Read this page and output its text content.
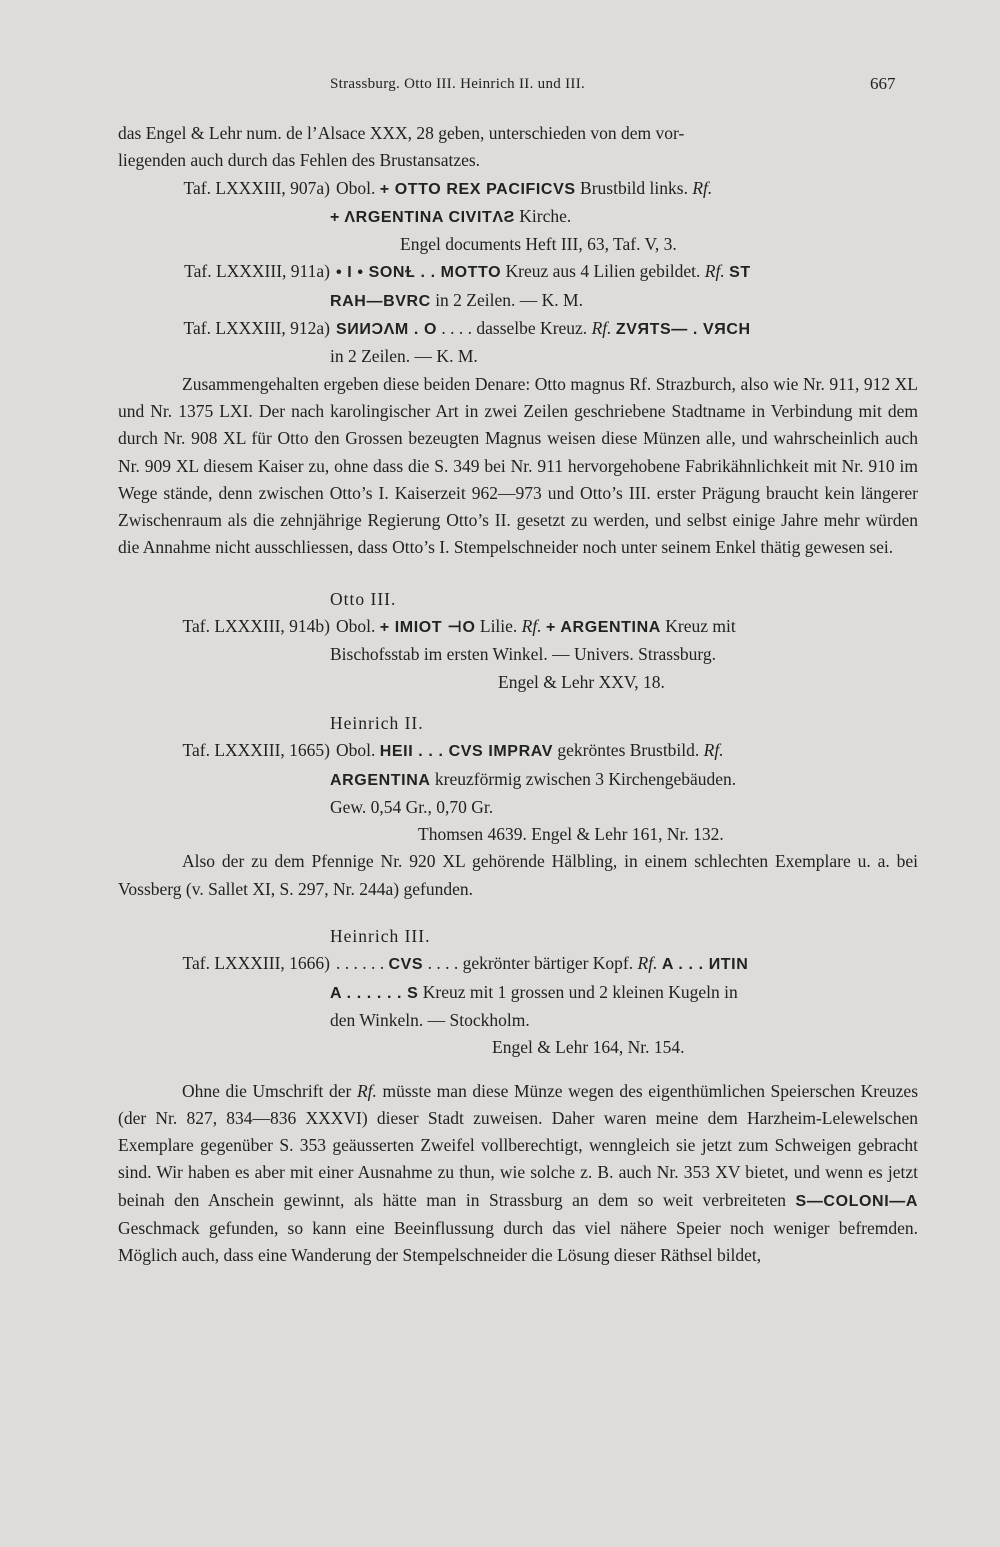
Strassburg. Otto III. Heinrich II. und III.	667

das Engel & Lehr num. de l’Alsace XXX, 28 geben, unterschieden von dem vor-
liegenden auch durch das Fehlen des Brustansatzes.

Taf. LXXXIII, 907a) Obol. + OTTO REX PACIFICVS Brustbild links. Rf.
+ ΛRGENTINA CIVITΛƧ Kirche.
Engel documents Heft III, 63, Taf. V, 3.
Taf. LXXXIII, 911a) • I • SONⱢ . . MOTTO Kreuz aus 4 Lilien gebildet. Rf. ST
RAH—BVRC in 2 Zeilen. — K. M.
Taf. LXXXIII, 912a) SИИϽΛM . O . . . . dasselbe Kreuz. Rf. ZVЯTS— . VЯCH
in 2 Zeilen. — K. M.

Zusammengehalten ergeben diese beiden Denare: Otto magnus Rf. Strazburch, also wie Nr. 911, 912 XL und Nr. 1375 LXI. Der nach karolingischer Art in zwei Zeilen geschriebene Stadtname in Verbindung mit dem durch Nr. 908 XL für Otto den Grossen bezeugten Magnus weisen diese Münzen alle, und wahrscheinlich auch Nr. 909 XL diesem Kaiser zu, ohne dass die S. 349 bei Nr. 911 hervorgehobene Fabrikähnlichkeit mit Nr. 910 im Wege stände, denn zwischen Otto’s I. Kaiserzeit 962—973 und Otto’s III. erster Prägung braucht kein längerer Zwischenraum als die zehnjährige Regierung Otto’s II. gesetzt zu werden, und selbst einige Jahre mehr würden die Annahme nicht ausschliessen, dass Otto’s I. Stempelschneider noch unter seinem Enkel thätig gewesen sei.

Otto III.
Taf. LXXXIII, 914b) Obol. + IMIOT ⊣O Lilie. Rf. + ARGENTINA Kreuz mit
Bischofsstab im ersten Winkel. — Univers. Strassburg.
Engel & Lehr XXV, 18.
Heinrich II.
Taf. LXXXIII, 1665) Obol. HEII . . . CVS IMPRAV gekröntes Brustbild. Rf.
ARGENTINA kreuzförmig zwischen 3 Kirchengebäuden.
Gew. 0,54 Gr., 0,70 Gr.
Thomsen 4639. Engel & Lehr 161, Nr. 132.

Also der zu dem Pfennige Nr. 920 XL gehörende Hälbling, in einem schlechten Exemplare u. a. bei Vossberg (v. Sallet XI, S. 297, Nr. 244a) gefunden.

Heinrich III.
Taf. LXXXIII, 1666) . . . . . . CVS . . . . gekrönter bärtiger Kopf. Rf. A . . . ИTIN
A . . . . . . S Kreuz mit 1 grossen und 2 kleinen Kugeln in
den Winkeln. — Stockholm.
Engel & Lehr 164, Nr. 154.

Ohne die Umschrift der Rf. müsste man diese Münze wegen des eigenthümlichen Speierschen Kreuzes (der Nr. 827, 834—836 XXXVI) dieser Stadt zuweisen. Daher waren meine dem Harzheim-Lelewelschen Exemplare gegenüber S. 353 geäusserten Zweifel vollberechtigt, wenngleich sie jetzt zum Schweigen gebracht sind. Wir haben es aber mit einer Ausnahme zu thun, wie solche z. B. auch Nr. 353 XV bietet, und wenn es jetzt beinah den Anschein gewinnt, als hätte man in Strassburg an dem so weit verbreiteten S—COLONI—A Geschmack gefunden, so kann eine Beeinflussung durch das viel nähere Speier noch weniger befremden. Möglich auch, dass eine Wanderung der Stempelschneider die Lösung dieser Räthsel bildet,
